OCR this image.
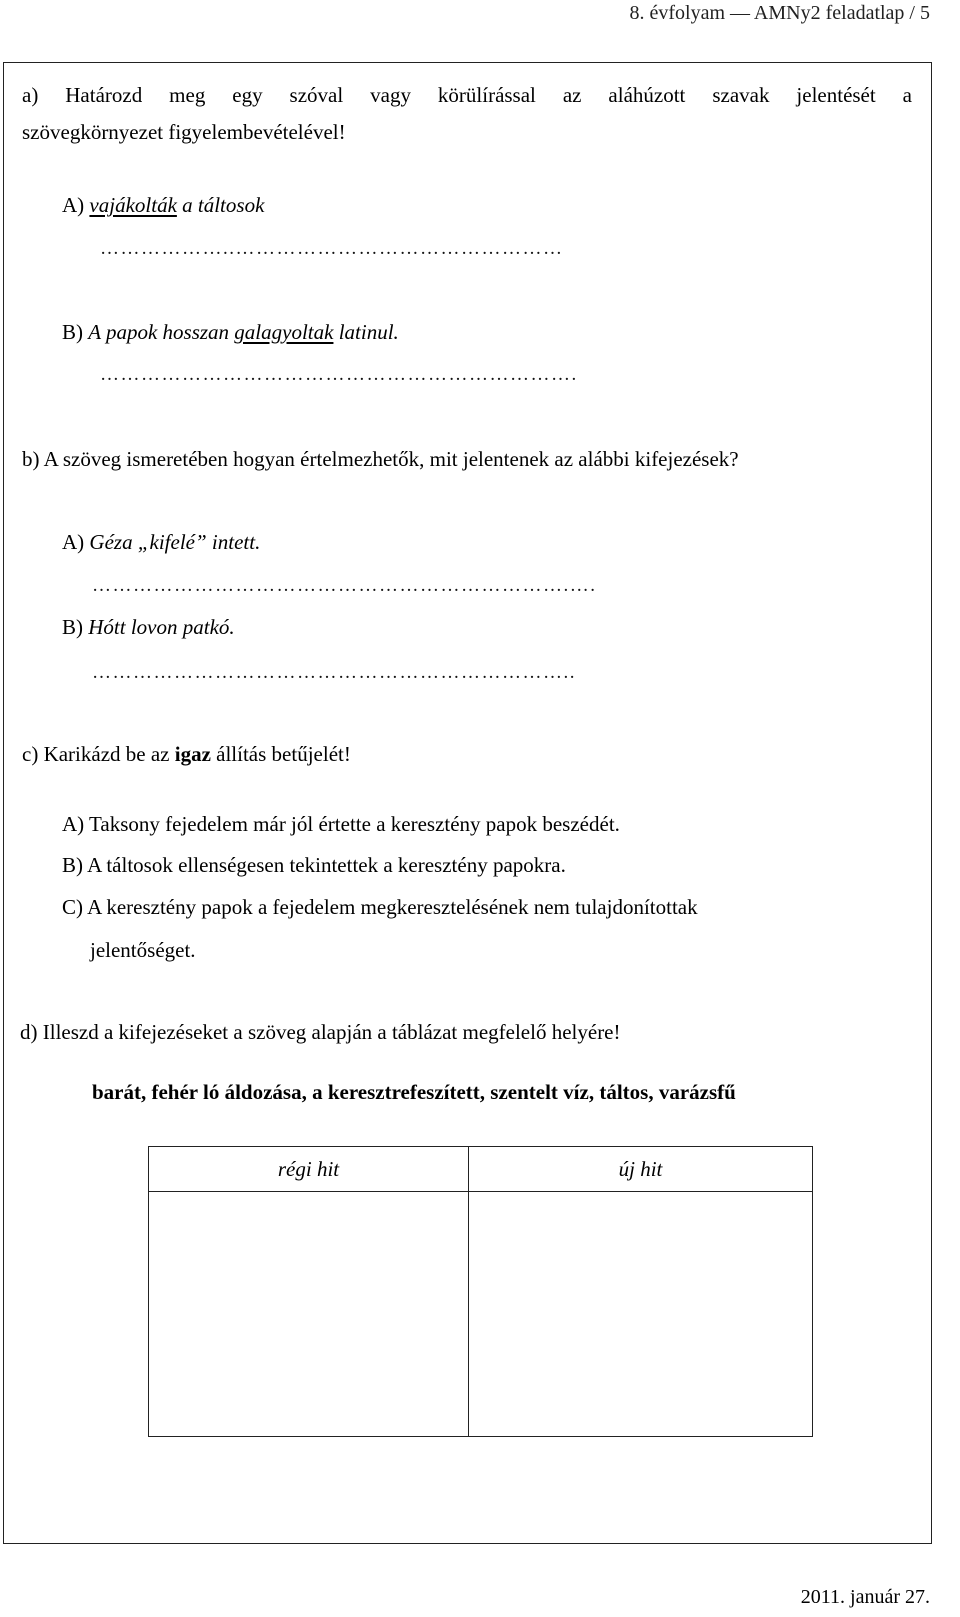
8. évfolyam — AMNy2 feladatlap / 5
a) Határozd meg egy szóval vagy körülírással az aláhúzott szavak jelentését a
szövegkörnyezet figyelembevételével!
A) vajákolták a táltosok
………………..…………………………………………
B) A papok hosszan galagyoltak latinul.
…………………………………………………………….
b) A szöveg ismeretében hogyan értelmezhetők, mit jelentenek az alábbi kifejezések?
A) Géza „kifelé” intett.
…………………………………………………………….….
B) Hótt lovon patkó.
……………………………………………………………..
c) Karikázd be az igaz állítás betűjelét!
A) Taksony fejedelem már jól értette a keresztény papok beszédét.
B) A táltosok ellenségesen tekintettek a keresztény papokra.
C) A keresztény papok a fejedelem megkeresztelésének nem tulajdonítottak
jelentőséget.
d) Illeszd a kifejezéseket a szöveg alapján a táblázat megfelelő helyére!
barát, fehér ló áldozása, a keresztrefeszített, szentelt víz, táltos, varázsfű
régi hit	új hit

2011. január 27.
